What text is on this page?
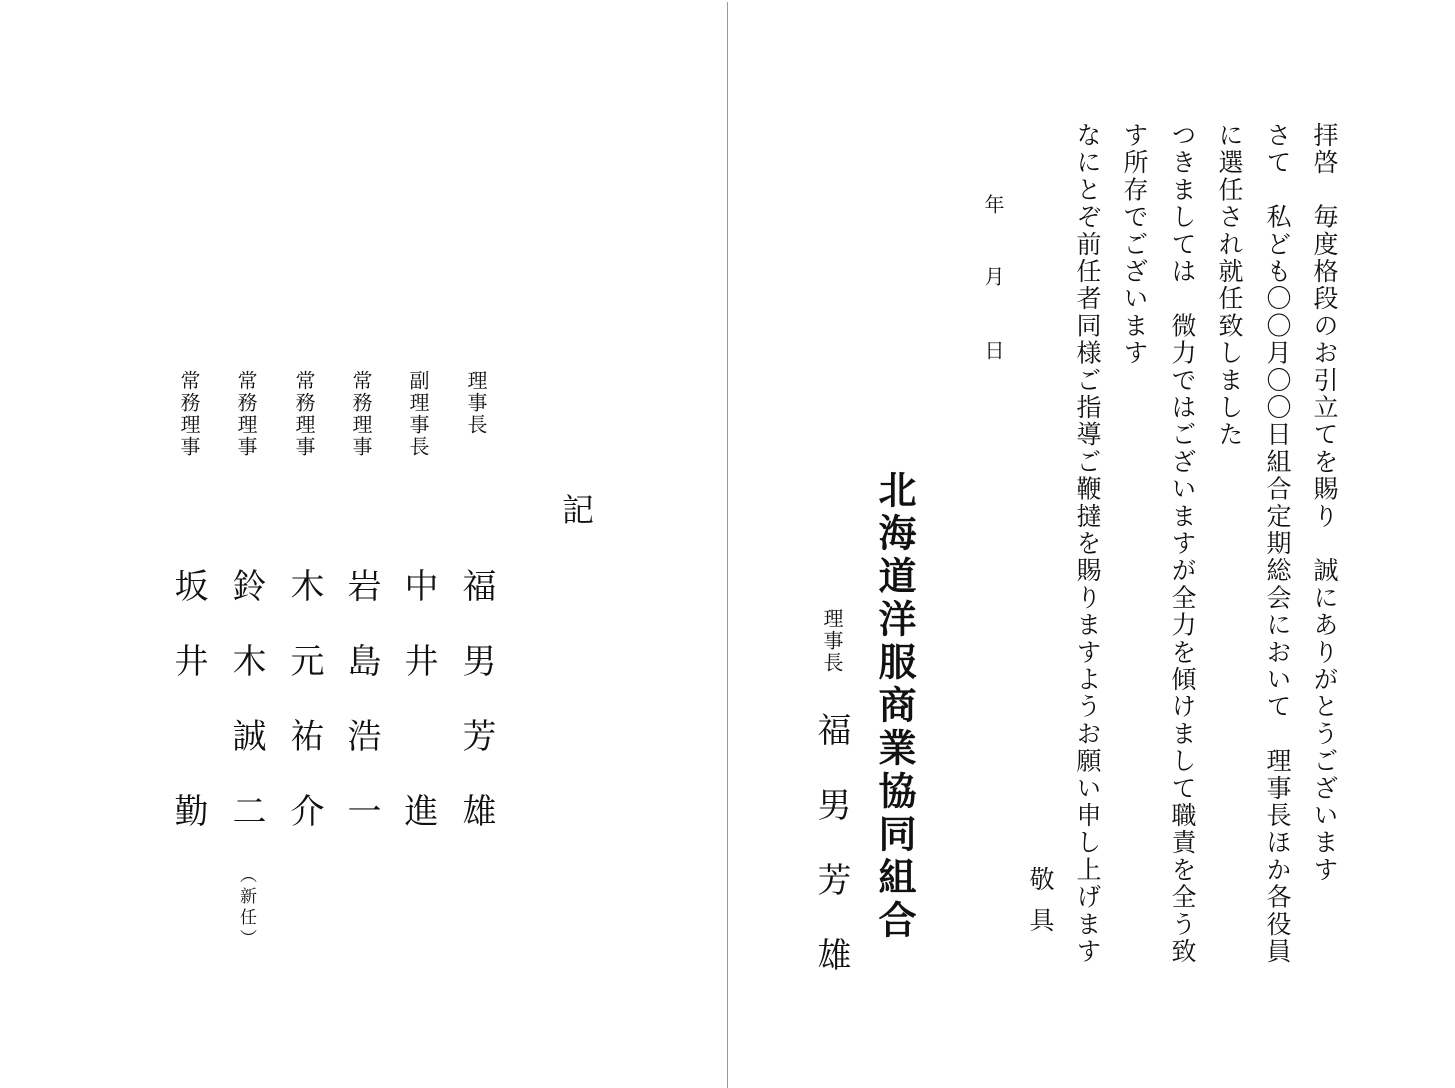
記
理事長
副理事長
常務理事
常務理事
常務理事
常務理事
福男芳雄
中井　進
岩島浩一
木元祐介
鈴木誠二
（新任）
坂井　勤	拝啓　毎度格段のお引立てを賜り　誠にありがとうございます
さて　私ども〇〇月〇〇日組合定期総会において　理事長ほか各役員
に選任され就任致しました
つきましては　微力ではございますが全力を傾けまして職責を全う致
す所存でございます
なにとぞ前任者同様ご指導ご鞭撻を賜りますようお願い申し上げます
敬具
年
月
日
北海道洋服商業協同組合
理事長
福男芳雄
